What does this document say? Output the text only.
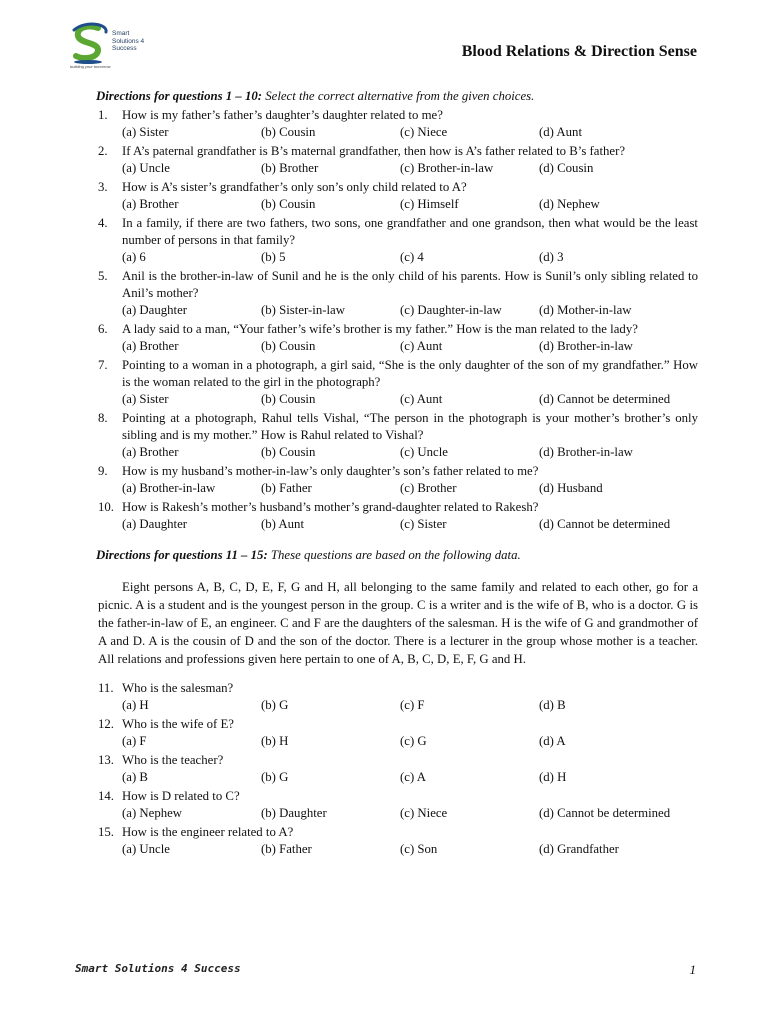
Smart
Solutions 4
Success
building your tomorrow
Blood Relations & Direction Sense
Directions for questions 1 – 10: Select the correct alternative from the given choices.
1.	How is my father’s father’s daughter’s daughter related to me?
(a) Sister	(b) Cousin	(c) Niece	(d) Aunt
2.	If A’s paternal grandfather is B’s maternal grandfather, then how is A’s father related to B’s father?
(a) Uncle	(b) Brother	(c) Brother-in-law	(d) Cousin
3.	How is A’s sister’s grandfather’s only son’s only child related to A?
(a) Brother	(b) Cousin	(c) Himself	(d) Nephew
4.	In a family, if there are two fathers, two sons, one grandfather and one grandson, then what would be the least number of persons in that family?
(a) 6	(b) 5	(c) 4	(d) 3
5.	Anil is the brother-in-law of Sunil and he is the only child of his parents. How is Sunil’s only sibling related to Anil’s mother?
(a) Daughter	(b) Sister-in-law	(c) Daughter-in-law	(d) Mother-in-law
6.	A lady said to a man, “Your father’s wife’s brother is my father.” How is the man related to the lady?
(a) Brother	(b) Cousin	(c) Aunt	(d) Brother-in-law
7.	Pointing to a woman in a photograph, a girl said, “She is the only daughter of the son of my grandfather.” How is the woman related to the girl in the photograph?
(a) Sister	(b) Cousin	(c) Aunt	(d) Cannot be determined
8.	Pointing at a photograph, Rahul tells Vishal, “The person in the photograph is your mother’s brother’s only sibling and is my mother.” How is Rahul related to Vishal?
(a) Brother	(b) Cousin	(c) Uncle	(d) Brother-in-law
9.	How is my husband’s mother-in-law’s only daughter’s son’s father related to me?
(a) Brother-in-law	(b) Father	(c) Brother	(d) Husband
10. How is Rakesh’s mother’s husband’s mother’s grand-daughter related to Rakesh?
(a) Daughter	(b) Aunt	(c) Sister	(d) Cannot be determined
Directions for questions 11 – 15: These questions are based on the following data.
Eight persons A, B, C, D, E, F, G and H, all belonging to the same family and related to each other, go for a picnic. A is a student and is the youngest person in the group. C is a writer and is the wife of B, who is a doctor. G is the father-in-law of E, an engineer. C and F are the daughters of the salesman. H is the wife of G and grandmother of A and D. A is the cousin of D and the son of the doctor. There is a lecturer in the group whose mother is a teacher. All relations and professions given here pertain to one of A, B, C, D, E, F, G and H.
11. Who is the salesman?
(a) H	(b) G	(c) F	(d) B
12. Who is the wife of E?
(a) F	(b) H	(c) G	(d) A
13. Who is the teacher?
(a) B	(b) G	(c) A	(d) H
14. How is D related to C?
(a) Nephew	(b) Daughter	(c) Niece	(d) Cannot be determined
15. How is the engineer related to A?
(a) Uncle	(b) Father	(c) Son	(d) Grandfather
Smart Solutions 4 Success	1
